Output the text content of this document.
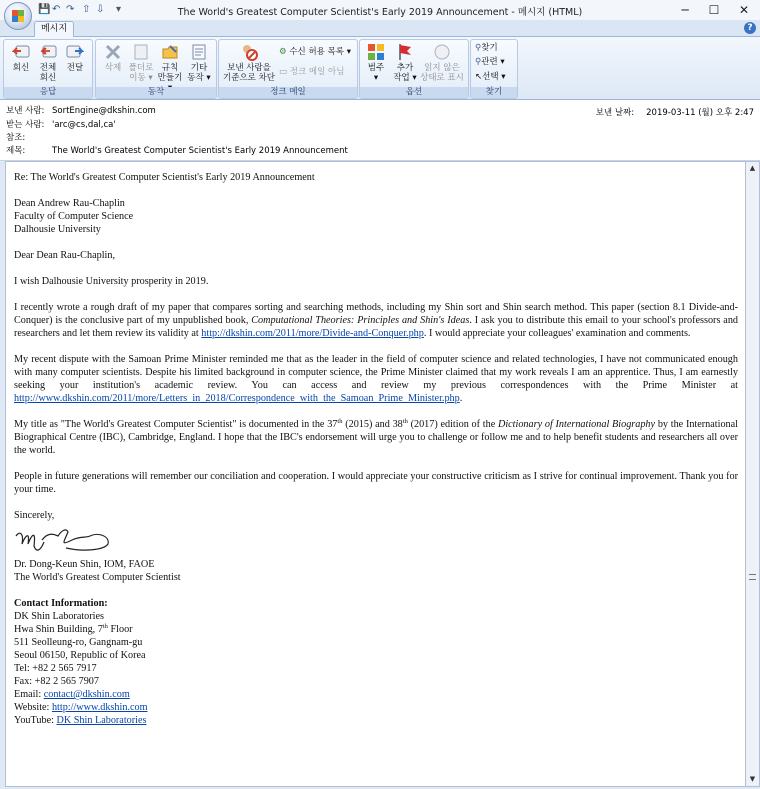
💾 ↶ ↷ ⇧ ⇩ ▾	The World's Greatest Computer Scientist's Early 2019 Announcement - 메시지 (HTML)	─	☐	✕
메시지	?
회신	전체
회신
전달
응답
삭제 폴더로
이동 ▾
규칙
만들기
기타
동작 ▾
동작
보낸 사람을
기준으로 차단
⚙ 수신 허용 목록 ▾
▭ 정크 메일 아님
정크 메일
범주
▾
추가
작업 ▾
읽지 않은
상태로 표시
옵션
⚲찾기
⚲관련 ▾
↖선택 ▾
찾기
보낸 사람: SortEngine@dkshin.com
받는 사람: 'arc@cs,dal,ca'
참조:
제목:	The World's Greatest Computer Scientist's Early 2019 Announcement
보낸 날짜: 2019-03-11 (월) 오후 2:47

Re: The World's Greatest Computer Scientist's Early 2019 Announcement

Dean Andrew Rau-Chaplin

Faculty of Computer Science

Dalhousie University

Dear Dean Rau-Chaplin,

I wish Dalhousie University prosperity in 2019.

I recently wrote a rough draft of my paper that compares sorting and searching methods, including my Shin sort and Shin search method. This paper (section 8.1 Divide-and-Conquer) is the conclusive part of my unpublished book, Computational Theories: Principles and Shin's Ideas. I ask you to distribute this email to your school's professors and researchers and let them review its validity at http://dkshin.com/2011/more/Divide-and-Conquer.php. I would appreciate your colleagues' examination and comments.

My recent dispute with the Samoan Prime Minister reminded me that as the leader in the field of computer science and related technologies, I have not communicated enough with many computer scientists. Despite his limited background in computer science, the Prime Minister claimed that my work reveals I am an apprentice. Thus, I am earnestly seeking your institution's academic review. You can access and review my previous correspondences with the Prime Minister at http://www.dkshin.com/2011/more/Letters_in_2018/Correspondence_with_the_Samoan_Prime_Minister.php.

My title as "The World's Greatest Computer Scientist" is documented in the 37th (2015) and 38th (2017) edition of the Dictionary of International Biography by the International Biographical Centre (IBC), Cambridge, England. I hope that the IBC's endorsement will urge you to challenge or follow me and to help benefit students and researchers all over the world.

People in future generations will remember our conciliation and cooperation. I would appreciate your constructive criticism as I strive for continual improvement. Thank you for your time.

Sincerely,

Dr. Dong-Keun Shin, IOM, FAOE

The World's Greatest Computer Scientist

Contact Information:

DK Shin Laboratories

Hwa Shin Building, 7th Floor

511 Seolleung-ro, Gangnam-gu

Seoul 06150, Republic of Korea

Tel: +82 2 565 7917

Fax: +82 2 565 7907

Email: contact@dkshin.com

Website: http://www.dkshin.com

YouTube: DK Shin Laboratories

▲
▼
